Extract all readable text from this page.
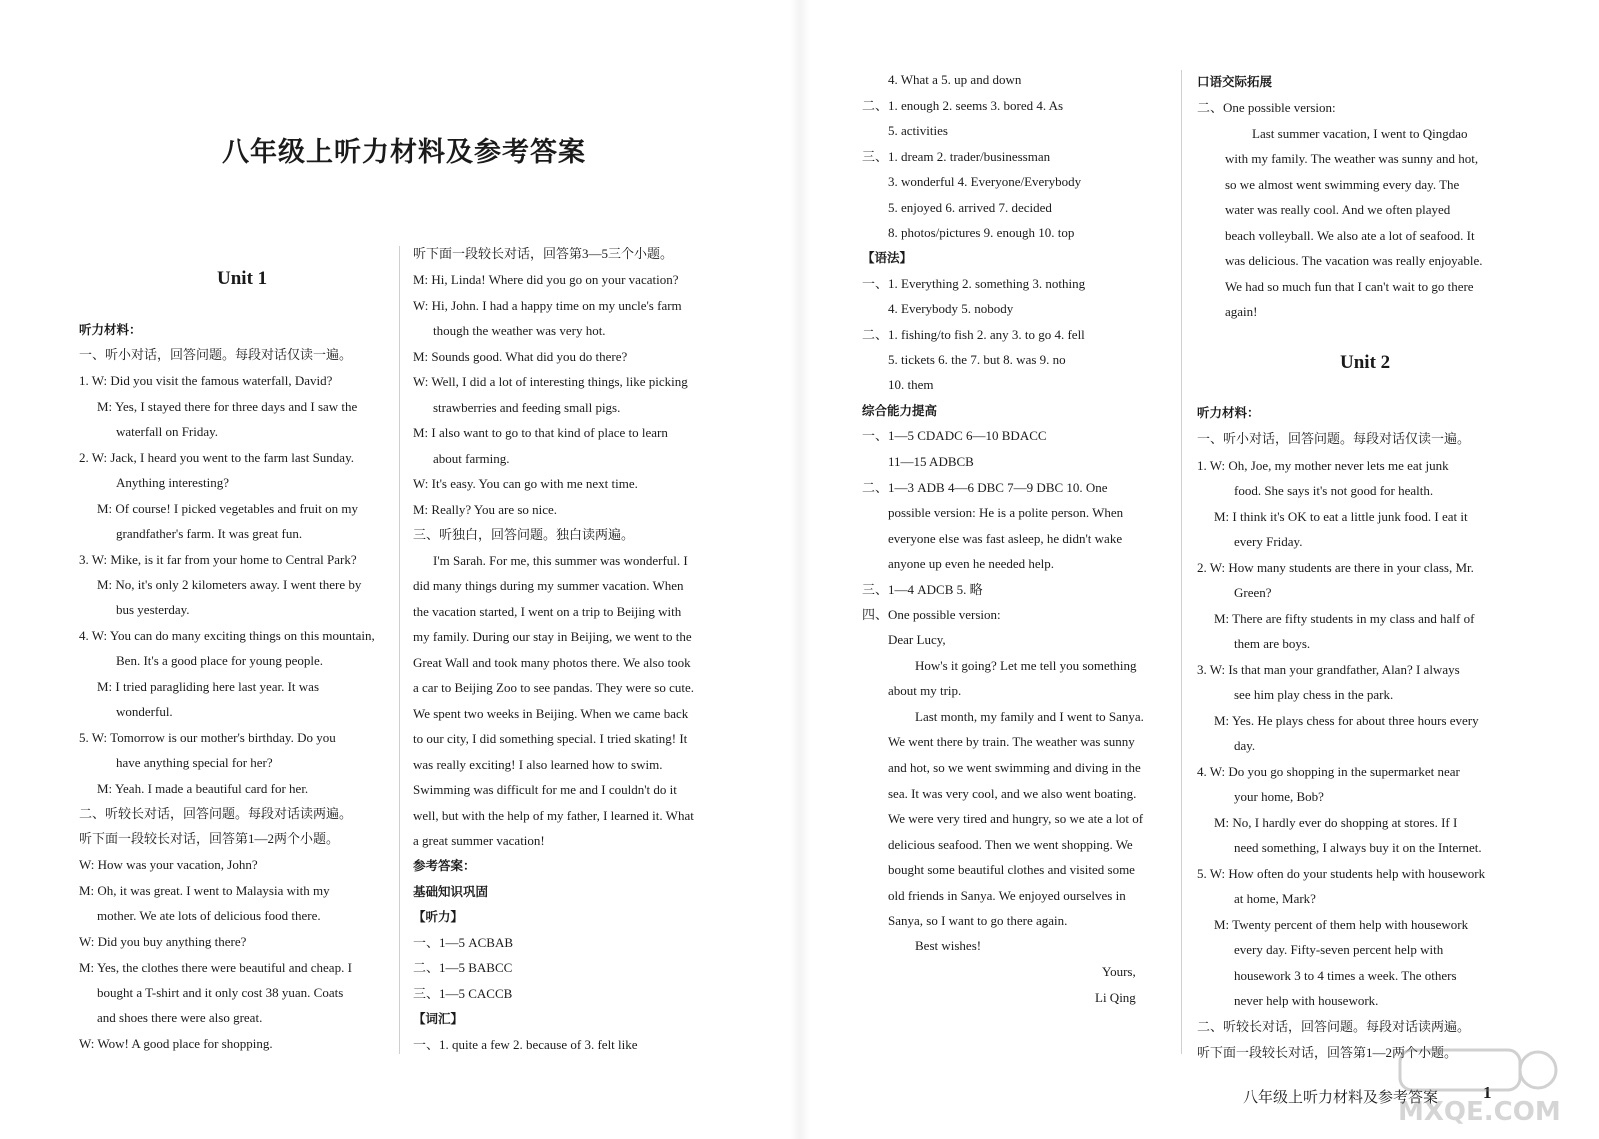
八年级上听力材料及参考答案
Unit 1
Unit 2
听力材料：
一、听小对话，回答问题。每段对话仅读一遍。
1. W: Did you visit the famous waterfall, David?
M: Yes, I stayed there for three days and I saw the
waterfall on Friday.
2. W: Jack, I heard you went to the farm last Sunday.
Anything interesting?
M: Of course! I picked vegetables and fruit on my
grandfather's farm. It was great fun.
3. W: Mike, is it far from your home to Central Park?
M: No, it's only 2 kilometers away. I went there by
bus yesterday.
4. W: You can do many exciting things on this mountain,
Ben. It's a good place for young people.
M: I tried paragliding here last year. It was
wonderful.
5. W: Tomorrow is our mother's birthday. Do you
have anything special for her?
M: Yeah. I made a beautiful card for her.
二、听较长对话，回答问题。每段对话读两遍。
听下面一段较长对话，回答第1—2两个小题。
W: How was your vacation, John?
M: Oh, it was great. I went to Malaysia with my
mother. We ate lots of delicious food there.
W: Did you buy anything there?
M: Yes, the clothes there were beautiful and cheap. I
bought a T-shirt and it only cost 38 yuan. Coats
and shoes there were also great.
W: Wow! A good place for shopping.
听下面一段较长对话，回答第3—5三个小题。
M: Hi, Linda! Where did you go on your vacation?
W: Hi, John. I had a happy time on my uncle's farm
though the weather was very hot.
M: Sounds good. What did you do there?
W: Well, I did a lot of interesting things, like picking
strawberries and feeding small pigs.
M: I also want to go to that kind of place to learn
about farming.
W: It's easy. You can go with me next time.
M: Really? You are so nice.
三、听独白，回答问题。独白读两遍。
I'm Sarah. For me, this summer was wonderful. I
did many things during my summer vacation. When
the vacation started, I went on a trip to Beijing with
my family. During our stay in Beijing, we went to the
Great Wall and took many photos there. We also took
a car to Beijing Zoo to see pandas. They were so cute.
We spent two weeks in Beijing. When we came back
to our city, I did something special. I tried skating! It
was really exciting! I also learned how to swim.
Swimming was difficult for me and I couldn't do it
well, but with the help of my father, I learned it. What
a great summer vacation!
参考答案：
基础知识巩固
【听力】
一、1—5 ACBAB
二、1—5 BABCC
三、1—5 CACCB
【词汇】
一、1. quite a few 2. because of 3. felt like
4. What a 5. up and down
二、1. enough 2. seems 3. bored 4. As
5. activities
三、1. dream 2. trader/businessman
3. wonderful 4. Everyone/Everybody
5. enjoyed 6. arrived 7. decided
8. photos/pictures 9. enough 10. top
【语法】
一、1. Everything 2. something 3. nothing
4. Everybody 5. nobody
二、1. fishing/to fish 2. any 3. to go 4. fell
5. tickets 6. the 7. but 8. was 9. no
10. them
综合能力提高
一、1—5 CDADC 6—10 BDACC
11—15 ADBCB
二、1—3 ADB 4—6 DBC 7—9 DBC 10. One
possible version: He is a polite person. When
everyone else was fast asleep, he didn't wake
anyone up even he needed help.
三、1—4 ADCB 5. 略
四、One possible version:
Dear Lucy,
How's it going? Let me tell you something
about my trip.
Last month, my family and I went to Sanya.
We went there by train. The weather was sunny
and hot, so we went swimming and diving in the
sea. It was very cool, and we also went boating.
We were very tired and hungry, so we ate a lot of
delicious seafood. Then we went shopping. We
bought some beautiful clothes and visited some
old friends in Sanya. We enjoyed ourselves in
Sanya, so I want to go there again.
Best wishes!
Yours,
Li Qing
口语交际拓展
二、One possible version:
Last summer vacation, I went to Qingdao
with my family. The weather was sunny and hot,
so we almost went swimming every day. The
water was really cool. And we often played
beach volleyball. We also ate a lot of seafood. It
was delicious. The vacation was really enjoyable.
We had so much fun that I can't wait to go there
again!
听力材料：
一、听小对话，回答问题。每段对话仅读一遍。
1. W: Oh, Joe, my mother never lets me eat junk
food. She says it's not good for health.
M: I think it's OK to eat a little junk food. I eat it
every Friday.
2. W: How many students are there in your class, Mr.
Green?
M: There are fifty students in my class and half of
them are boys.
3. W: Is that man your grandfather, Alan? I always
see him play chess in the park.
M: Yes. He plays chess for about three hours every
day.
4. W: Do you go shopping in the supermarket near
your home, Bob?
M: No, I hardly ever do shopping at stores. If I
need something, I always buy it on the Internet.
5. W: How often do your students help with housework
at home, Mark?
M: Twenty percent of them help with housework
every day. Fifty-seven percent help with
housework 3 to 4 times a week. The others
never help with housework.
二、听较长对话，回答问题。每段对话读两遍。
听下面一段较长对话，回答第1—2两个小题。
八年级上听力材料及参考答案	1
MXQE.COM
